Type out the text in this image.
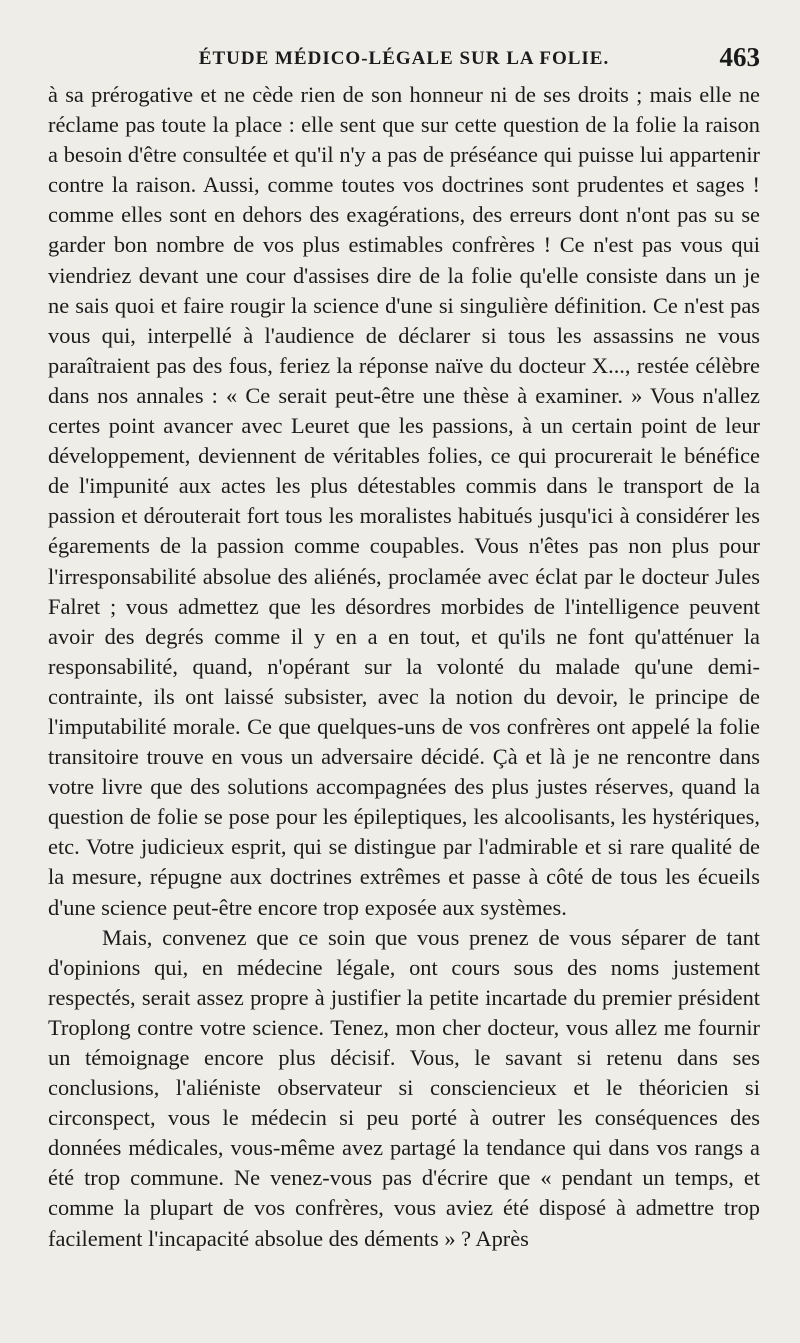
ÉTUDE MÉDICO-LÉGALE SUR LA FOLIE.	463

à sa prérogative et ne cède rien de son honneur ni de ses droits ; mais elle ne réclame pas toute la place : elle sent que sur cette question de la folie la raison a besoin d'être consultée et qu'il n'y a pas de préséance qui puisse lui appartenir contre la raison. Aussi, comme toutes vos doctrines sont prudentes et sages ! comme elles sont en dehors des exagérations, des erreurs dont n'ont pas su se garder bon nombre de vos plus estimables confrères ! Ce n'est pas vous qui viendriez devant une cour d'assises dire de la folie qu'elle consiste dans un je ne sais quoi et faire rougir la science d'une si singulière définition. Ce n'est pas vous qui, interpellé à l'audience de déclarer si tous les assassins ne vous paraîtraient pas des fous, feriez la réponse naïve du docteur X..., restée célèbre dans nos annales : « Ce serait peut-être une thèse à examiner. » Vous n'allez certes point avancer avec Leuret que les passions, à un certain point de leur développement, deviennent de véritables folies, ce qui procurerait le bénéfice de l'impunité aux actes les plus détestables commis dans le transport de la passion et dérouterait fort tous les moralistes habitués jusqu'ici à considérer les égarements de la passion comme coupables. Vous n'êtes pas non plus pour l'irresponsabilité absolue des aliénés, proclamée avec éclat par le docteur Jules Falret ; vous admettez que les désordres morbides de l'intelligence peuvent avoir des degrés comme il y en a en tout, et qu'ils ne font qu'atténuer la responsabilité, quand, n'opérant sur la volonté du malade qu'une demi-contrainte, ils ont laissé subsister, avec la notion du devoir, le principe de l'imputabilité morale. Ce que quelques-uns de vos confrères ont appelé la folie transitoire trouve en vous un adversaire décidé. Çà et là je ne rencontre dans votre livre que des solutions accompagnées des plus justes réserves, quand la question de folie se pose pour les épileptiques, les alcoolisants, les hystériques, etc. Votre judicieux esprit, qui se distingue par l'admirable et si rare qualité de la mesure, répugne aux doctrines extrêmes et passe à côté de tous les écueils d'une science peut-être encore trop exposée aux systèmes.

Mais, convenez que ce soin que vous prenez de vous séparer de tant d'opinions qui, en médecine légale, ont cours sous des noms justement respectés, serait assez propre à justifier la petite incartade du premier président Troplong contre votre science. Tenez, mon cher docteur, vous allez me fournir un témoignage encore plus décisif. Vous, le savant si retenu dans ses conclusions, l'aliéniste observateur si consciencieux et le théoricien si circonspect, vous le médecin si peu porté à outrer les conséquences des données médicales, vous-même avez partagé la tendance qui dans vos rangs a été trop commune. Ne venez-vous pas d'écrire que « pendant un temps, et comme la plupart de vos confrères, vous aviez été disposé à admettre trop facilement l'incapacité absolue des déments » ? Après
